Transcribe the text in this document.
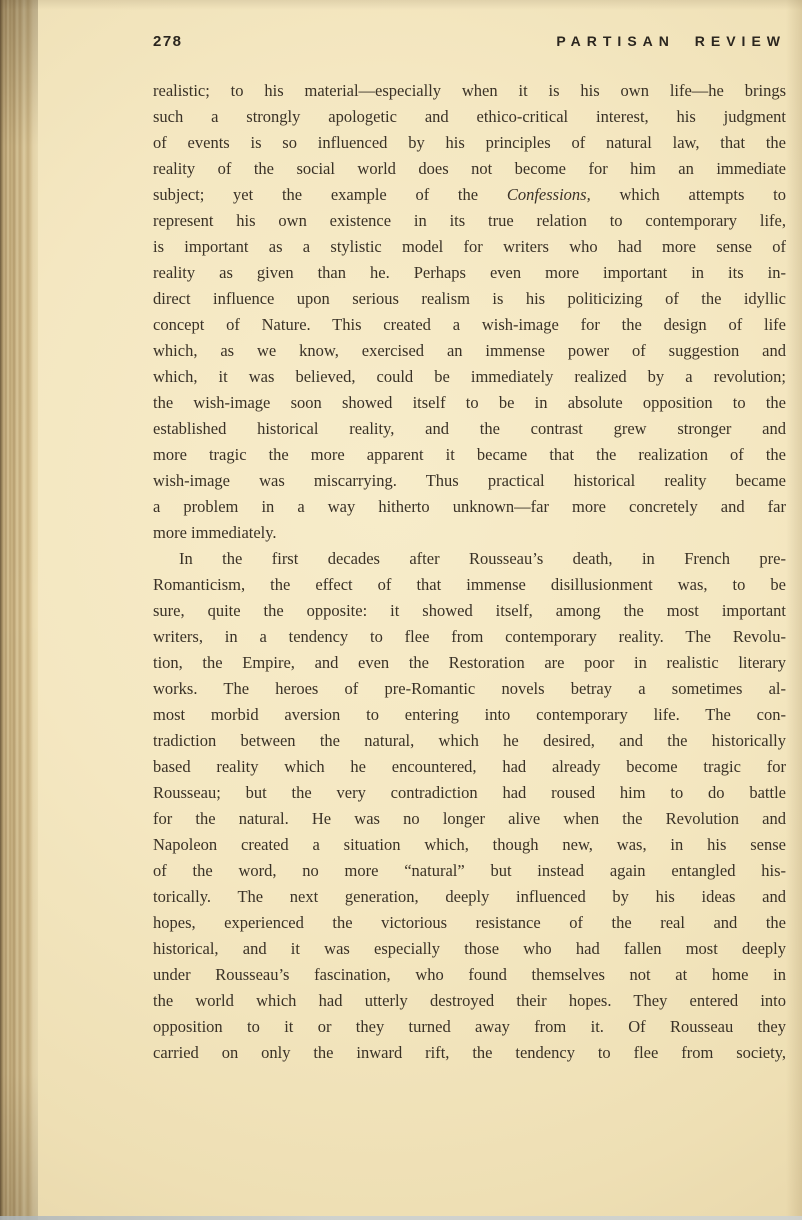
278	PARTISAN REVIEW
realistic; to his material—especially when it is his own life—he brings
such a strongly apologetic and ethico-critical interest, his judgment
of events is so influenced by his principles of natural law, that the
reality of the social world does not become for him an immediate
subject; yet the example of the Confessions, which attempts to
represent his own existence in its true relation to contemporary life,
is important as a stylistic model for writers who had more sense of
reality as given than he. Perhaps even more important in its in-
direct influence upon serious realism is his politicizing of the idyllic
concept of Nature. This created a wish-image for the design of life
which, as we know, exercised an immense power of suggestion and
which, it was believed, could be immediately realized by a revolution;
the wish-image soon showed itself to be in absolute opposition to the
established historical reality, and the contrast grew stronger and
more tragic the more apparent it became that the realization of the
wish-image was miscarrying. Thus practical historical reality became
a problem in a way hitherto unknown—far more concretely and far
more immediately.
In the first decades after Rousseau’s death, in French pre-
Romanticism, the effect of that immense disillusionment was, to be
sure, quite the opposite: it showed itself, among the most important
writers, in a tendency to flee from contemporary reality. The Revolu-
tion, the Empire, and even the Restoration are poor in realistic literary
works. The heroes of pre-Romantic novels betray a sometimes al-
most morbid aversion to entering into contemporary life. The con-
tradiction between the natural, which he desired, and the historically
based reality which he encountered, had already become tragic for
Rousseau; but the very contradiction had roused him to do battle
for the natural. He was no longer alive when the Revolution and
Napoleon created a situation which, though new, was, in his sense
of the word, no more “natural” but instead again entangled his-
torically. The next generation, deeply influenced by his ideas and
hopes, experienced the victorious resistance of the real and the
historical, and it was especially those who had fallen most deeply
under Rousseau’s fascination, who found themselves not at home in
the world which had utterly destroyed their hopes. They entered into
opposition to it or they turned away from it. Of Rousseau they
carried on only the inward rift, the tendency to flee from society,
